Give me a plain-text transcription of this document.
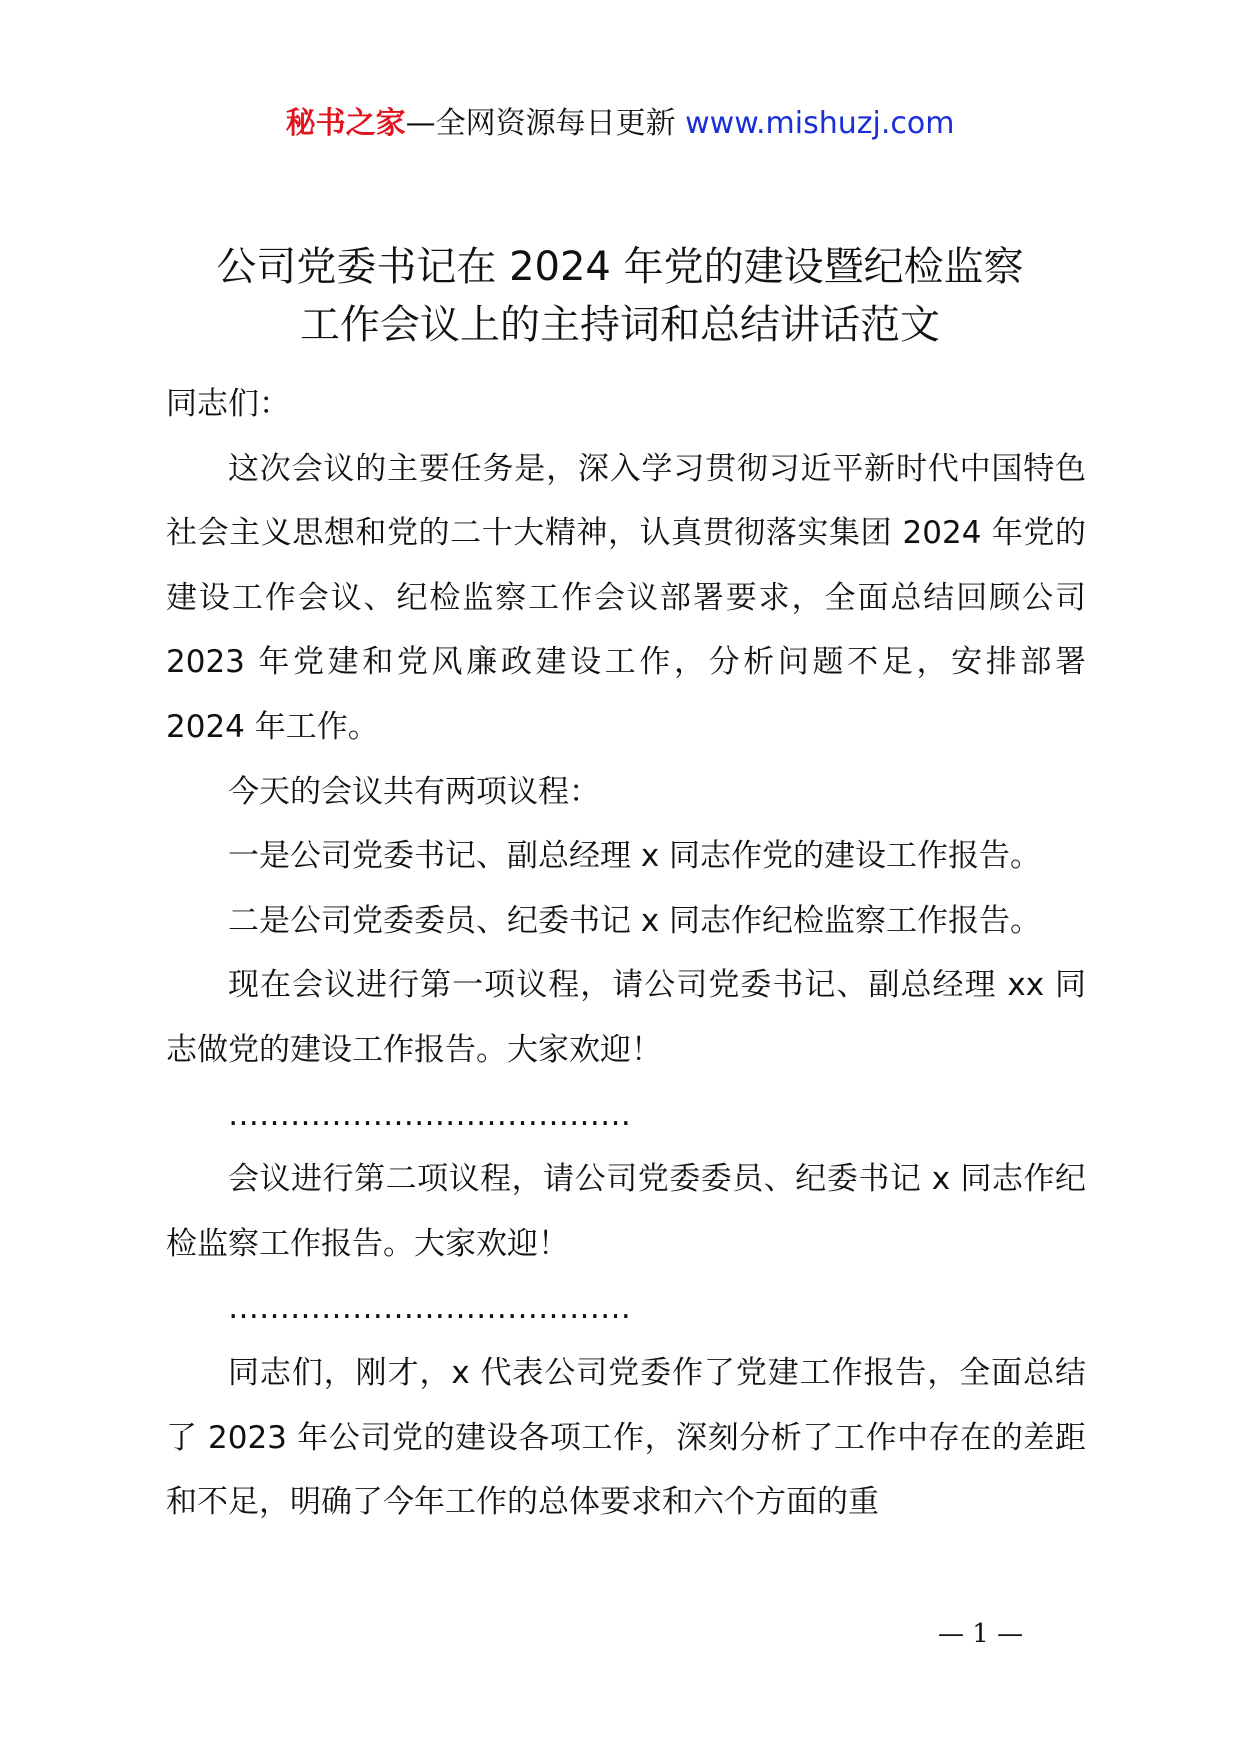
秘书之家—全网资源每日更新 www.mishuzj.com
公司党委书记在 2024 年党的建设暨纪检监察
工作会议上的主持词和总结讲话范文

同志们：

这次会议的主要任务是，深入学习贯彻习近平新时代中国特色社会主义思想和党的二十大精神，认真贯彻落实集团 2024 年党的建设工作会议、纪检监察工作会议部署要求，全面总结回顾公司 2023 年党建和党风廉政建设工作，分析问题不足，安排部署 2024 年工作。

今天的会议共有两项议程：

一是公司党委书记、副总经理 x 同志作党的建设工作报告。

二是公司党委委员、纪委书记 x 同志作纪检监察工作报告。

现在会议进行第一项议程，请公司党委书记、副总经理 xx 同志做党的建设工作报告。大家欢迎！

…………………………………

会议进行第二项议程，请公司党委委员、纪委书记 x 同志作纪检监察工作报告。大家欢迎！

…………………………………

同志们，刚才，x 代表公司党委作了党建工作报告，全面总结了 2023 年公司党的建设各项工作，深刻分析了工作中存在的差距和不足，明确了今年工作的总体要求和六个方面的重

— 1 —
